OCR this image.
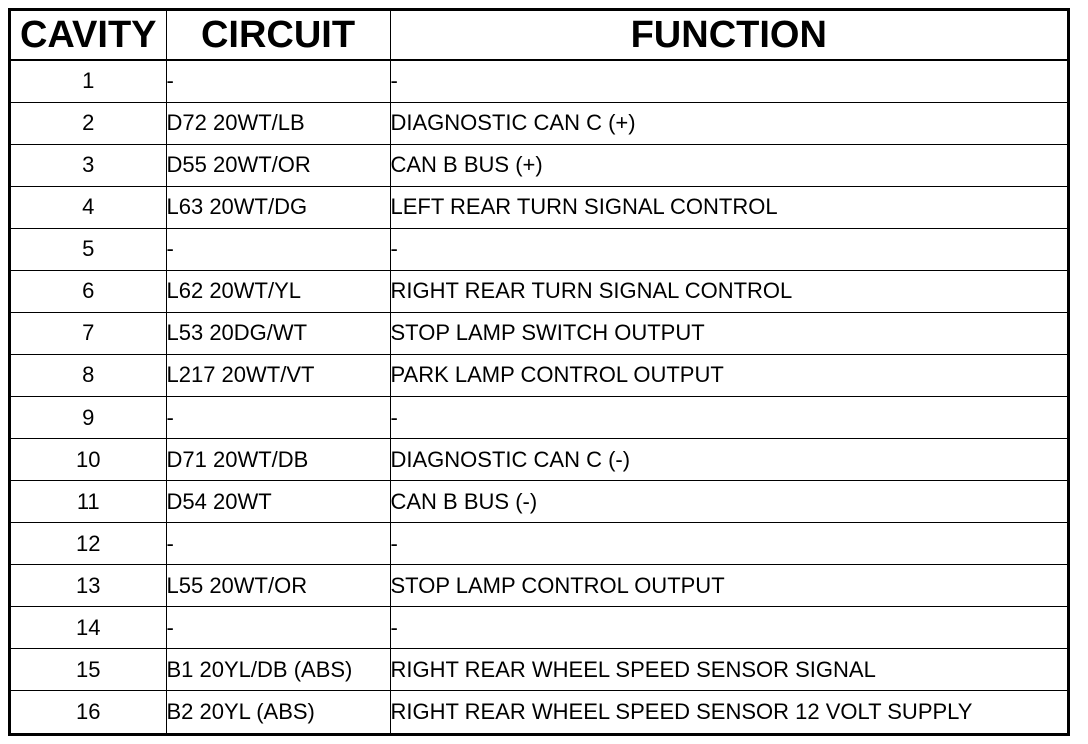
CAVITY	CIRCUIT	FUNCTION
1	-	-
2	D72 20WT/LB	DIAGNOSTIC CAN C (+)
3	D55 20WT/OR	CAN B BUS (+)
4	L63 20WT/DG	LEFT REAR TURN SIGNAL CONTROL
5	-	-
6	L62 20WT/YL	RIGHT REAR TURN SIGNAL CONTROL
7	L53 20DG/WT	STOP LAMP SWITCH OUTPUT
8	L217 20WT/VT	PARK LAMP CONTROL OUTPUT
9	-	-
10	D71 20WT/DB	DIAGNOSTIC CAN C (-)
11	D54 20WT	CAN B BUS (-)
12	-	-
13	L55 20WT/OR	STOP LAMP CONTROL OUTPUT
14	-	-
15	B1 20YL/DB (ABS)	RIGHT REAR WHEEL SPEED SENSOR SIGNAL
16	B2 20YL (ABS)	RIGHT REAR WHEEL SPEED SENSOR 12 VOLT SUPPLY
